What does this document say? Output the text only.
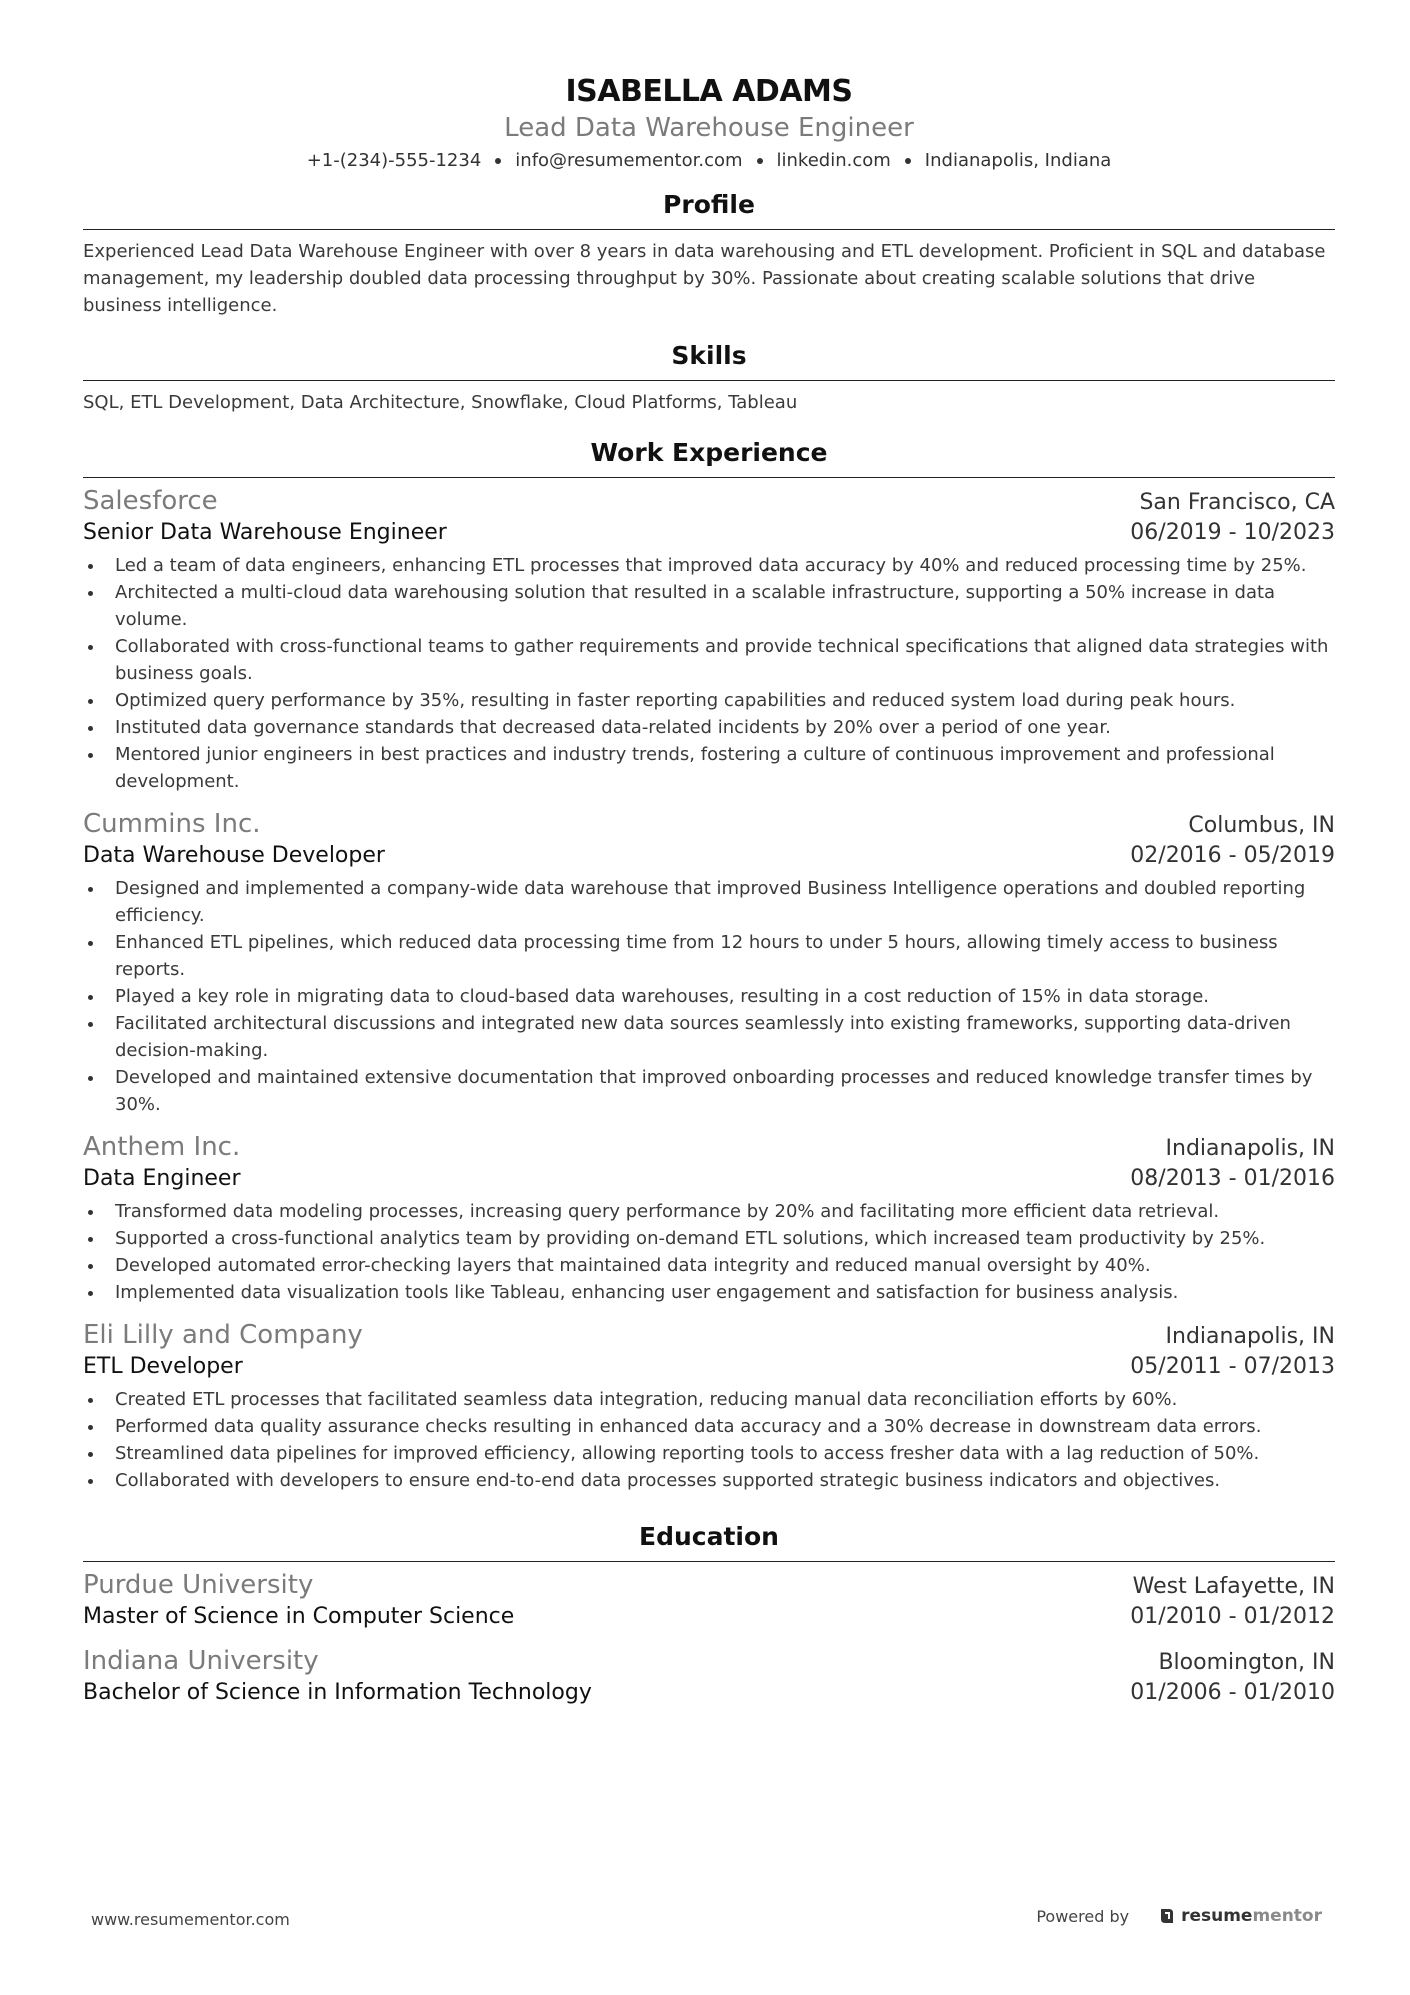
ISABELLA ADAMS
Lead Data Warehouse Engineer
+1-(234)-555-1234 info@resumementor.com linkedin.com Indianapolis, Indiana
Profile
Experienced Lead Data Warehouse Engineer with over 8 years in data warehousing and ETL development. Proficient in SQL and database management, my leadership doubled data processing throughput by 30%. Passionate about creating scalable solutions that drive business intelligence.
Skills
SQL, ETL Development, Data Architecture, Snowflake, Cloud Platforms, Tableau
Work Experience
Salesforce	San Francisco, CA
Senior Data Warehouse Engineer	06/2019 - 10/2023
Led a team of data engineers, enhancing ETL processes that improved data accuracy by 40% and reduced processing time by 25%.
Architected a multi-cloud data warehousing solution that resulted in a scalable infrastructure, supporting a 50% increase in data volume.
Collaborated with cross-functional teams to gather requirements and provide technical specifications that aligned data strategies with business goals.
Optimized query performance by 35%, resulting in faster reporting capabilities and reduced system load during peak hours.
Instituted data governance standards that decreased data-related incidents by 20% over a period of one year.
Mentored junior engineers in best practices and industry trends, fostering a culture of continuous improvement and professional development.
Cummins Inc.	Columbus, IN
Data Warehouse Developer	02/2016 - 05/2019
Designed and implemented a company-wide data warehouse that improved Business Intelligence operations and doubled reporting efficiency.
Enhanced ETL pipelines, which reduced data processing time from 12 hours to under 5 hours, allowing timely access to business reports.
Played a key role in migrating data to cloud-based data warehouses, resulting in a cost reduction of 15% in data storage.
Facilitated architectural discussions and integrated new data sources seamlessly into existing frameworks, supporting data-driven decision-making.
Developed and maintained extensive documentation that improved onboarding processes and reduced knowledge transfer times by 30%.
Anthem Inc.	Indianapolis, IN
Data Engineer	08/2013 - 01/2016
Transformed data modeling processes, increasing query performance by 20% and facilitating more efficient data retrieval.
Supported a cross-functional analytics team by providing on-demand ETL solutions, which increased team productivity by 25%.
Developed automated error-checking layers that maintained data integrity and reduced manual oversight by 40%.
Implemented data visualization tools like Tableau, enhancing user engagement and satisfaction for business analysis.
Eli Lilly and Company	Indianapolis, IN
ETL Developer	05/2011 - 07/2013
Created ETL processes that facilitated seamless data integration, reducing manual data reconciliation efforts by 60%.
Performed data quality assurance checks resulting in enhanced data accuracy and a 30% decrease in downstream data errors.
Streamlined data pipelines for improved efficiency, allowing reporting tools to access fresher data with a lag reduction of 50%.
Collaborated with developers to ensure end-to-end data processes supported strategic business indicators and objectives.
Education
Purdue University	West Lafayette, IN
Master of Science in Computer Science	01/2010 - 01/2012
Indiana University	Bloomington, IN
Bachelor of Science in Information Technology	01/2006 - 01/2010
www.resumementor.com	Powered by	resume mentor
